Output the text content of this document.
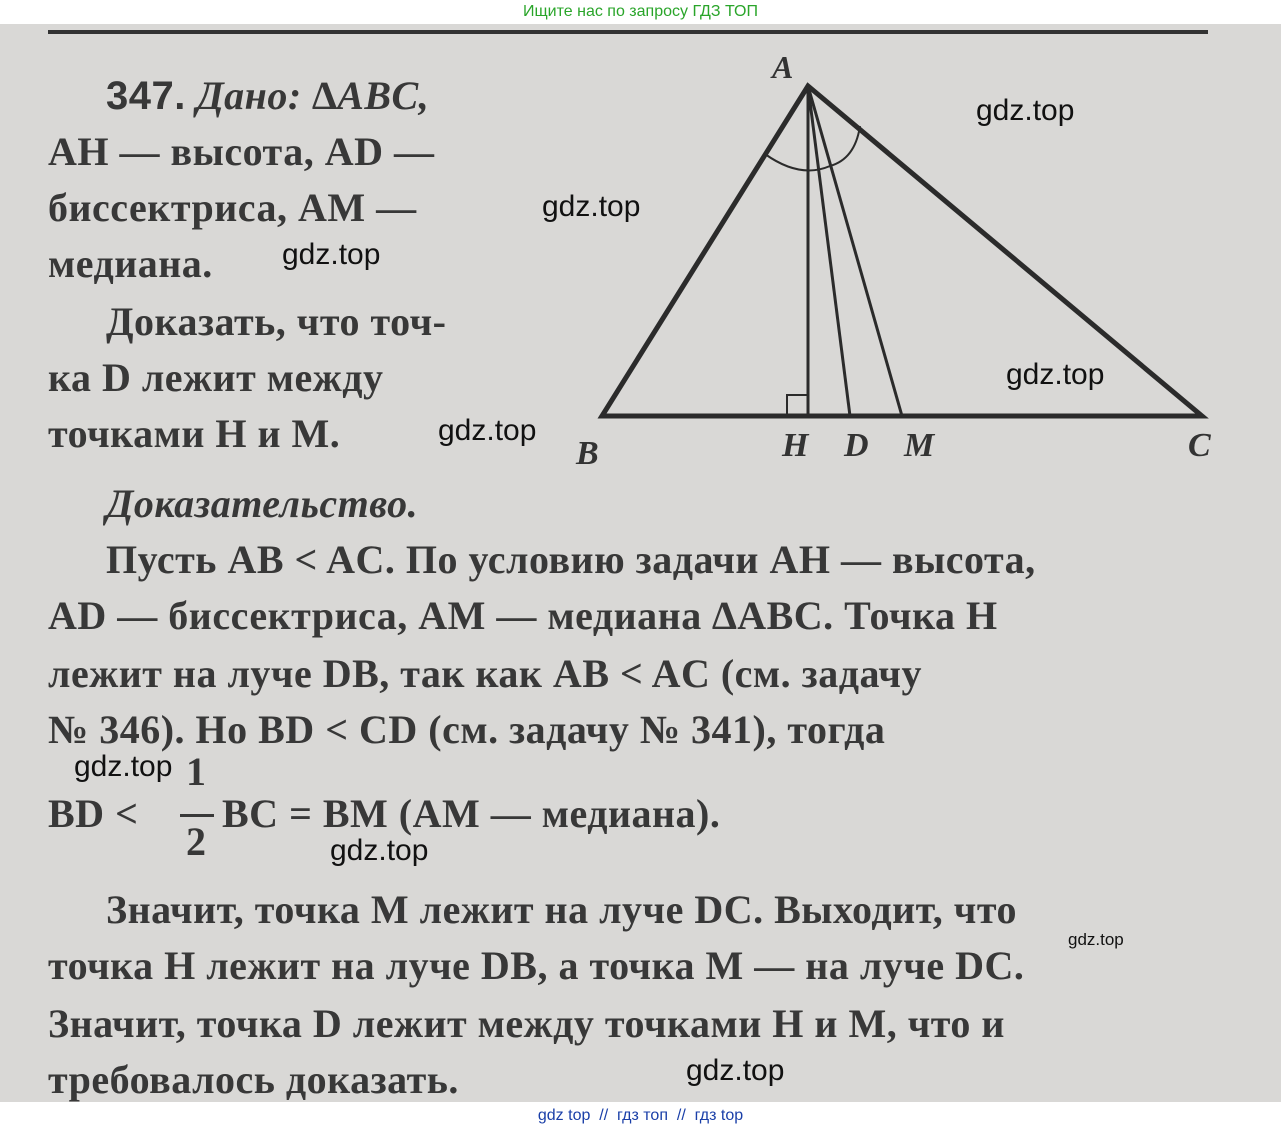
Ищите нас по запросу ГДЗ ТОП
347. Дано: ∆ABC,
AH — высота, AD —
биссектриса, AM —
медиана.
Доказать, что точ-
ка D лежит между
точками H и M.
A
B	C
H D M
Доказательство.
Пусть AB < AC. По условию задачи AH — высота,
AD — биссектриса, AM — медиана ∆ABC. Точка H
лежит на луче DB, так как AB < AC (см. задачу
№ 346). Но BD < CD (см. задачу № 341), тогда
BD <
1
2
BC = BM (AM — медиана).
Значит, точка M лежит на луче DC. Выходит, что
точка H лежит на луче DB, а точка M — на луче DC.
Значит, точка D лежит между точками H и M, что и
требовалось доказать.
gdz.top
gdz.top
gdz.top
gdz.top
gdz.top
gdz.top
gdz.top
gdz.top
gdz.top
gdz top  //  гдз топ  //  гдз top
